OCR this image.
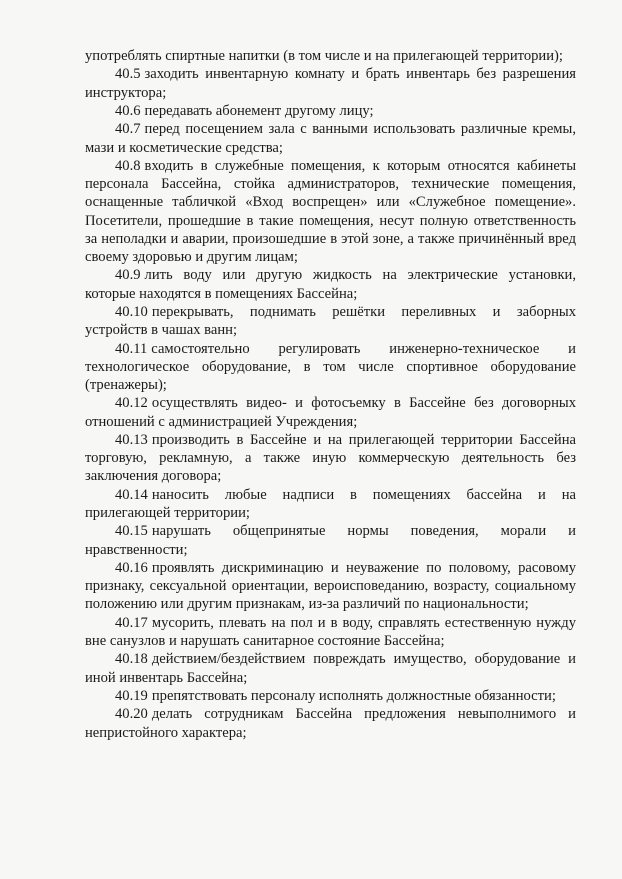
употреблять спиртные напитки (в том числе и на прилегающей территории);

40.5 заходить инвентарную комнату и брать инвентарь без разрешения инструктора;

40.6 передавать абонемент другому лицу;

40.7 перед посещением зала с ванными использовать различные кремы, мази и косметические средства;

40.8 входить в служебные помещения, к которым относятся кабинеты персонала Бассейна, стойка администраторов, технические помещения, оснащенные табличкой «Вход воспрещен» или «Служебное помещение». Посетители, прошедшие в такие помещения, несут полную ответственность за неполадки и аварии, произошедшие в этой зоне, а также причинённый вред своему здоровью и другим лицам;

40.9 лить воду или другую жидкость на электрические установки, которые находятся в помещениях Бассейна;

40.10 перекрывать, поднимать решётки переливных и заборных устройств в чашах ванн;

40.11 самостоятельно регулировать инженерно-техническое и технологическое оборудование, в том числе спортивное оборудование (тренажеры);

40.12 осуществлять видео- и фотосъемку в Бассейне без договорных отношений с администрацией Учреждения;

40.13 производить в Бассейне и на прилегающей территории Бассейна торговую, рекламную, а также иную коммерческую деятельность без заключения договора;

40.14 наносить любые надписи в помещениях бассейна и на прилегающей территории;

40.15 нарушать общепринятые нормы поведения, морали и нравственности;

40.16 проявлять дискриминацию и неуважение по половому, расовому признаку, сексуальной ориентации, вероисповеданию, возрасту, социальному положению или другим признакам, из-за различий по национальности;

40.17 мусорить, плевать на пол и в воду, справлять естественную нужду вне санузлов и нарушать санитарное состояние Бассейна;

40.18 действием/бездействием повреждать имущество, оборудование и иной инвентарь Бассейна;

40.19 препятствовать персоналу исполнять должностные обязанности;

40.20 делать сотрудникам Бассейна предложения невыполнимого и непристойного характера;
